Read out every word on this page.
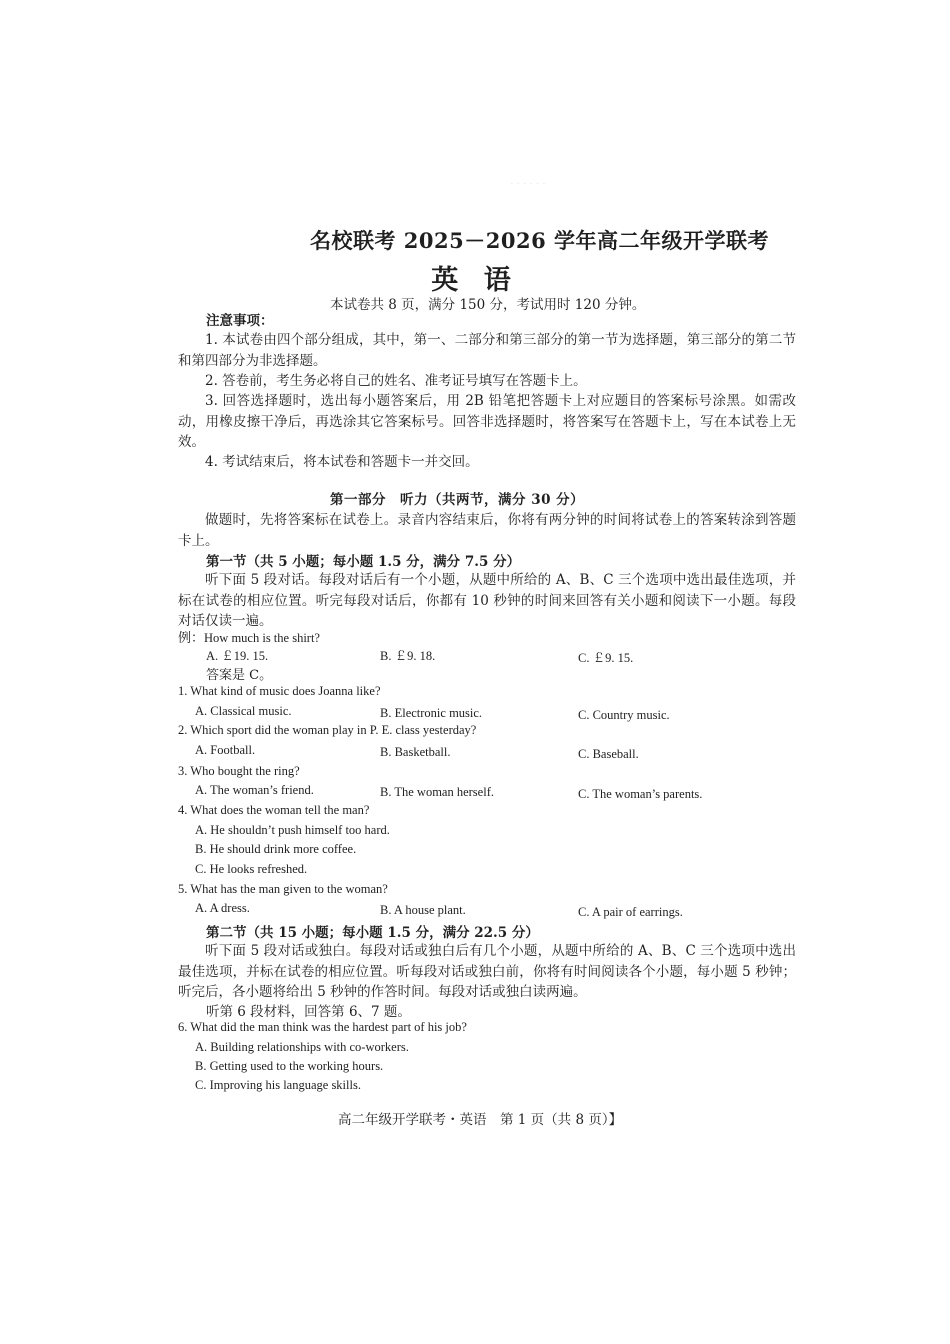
· · · · · ·
名校联考 2025－2026 学年高二年级开学联考
英 语
本试卷共 8 页，满分 150 分，考试用时 120 分钟。
注意事项：
1. 本试卷由四个部分组成，其中，第一、二部分和第三部分的第一节为选择题，第三部分的第二节和第四部分为非选择题。
2. 答卷前，考生务必将自己的姓名、准考证号填写在答题卡上。
3. 回答选择题时，选出每小题答案后，用 2B 铅笔把答题卡上对应题目的答案标号涂黑。如需改动，用橡皮擦干净后，再选涂其它答案标号。回答非选择题时，将答案写在答题卡上，写在本试卷上无效。
4. 考试结束后，将本试卷和答题卡一并交回。
第一部分　听力（共两节，满分 30 分）
做题时，先将答案标在试卷上。录音内容结束后，你将有两分钟的时间将试卷上的答案转涂到答题卡上。
第一节（共 5 小题；每小题 1.5 分，满分 7.5 分）
听下面 5 段对话。每段对话后有一个小题，从题中所给的 A、B、C 三个选项中选出最佳选项，并标在试卷的相应位置。听完每段对话后，你都有 10 秒钟的时间来回答有关小题和阅读下一小题。每段对话仅读一遍。
例：How much is the shirt?
A. ￡19. 15.	B. ￡9. 18.	C. ￡9. 15.
答案是 C。
1. What kind of music does Joanna like?
A. Classical music.	B. Electronic music.	C. Country music.
2. Which sport did the woman play in P. E. class yesterday?
A. Football.	B. Basketball.	C. Baseball.
3. Who bought the ring?
A. The woman’s friend.	B. The woman herself.	C. The woman’s parents.
4. What does the woman tell the man?
A. He shouldn’t push himself too hard.
B. He should drink more coffee.
C. He looks refreshed.
5. What has the man given to the woman?
A. A dress.	B. A house plant.	C. A pair of earrings.
第二节（共 15 小题；每小题 1.5 分，满分 22.5 分）
听下面 5 段对话或独白。每段对话或独白后有几个小题，从题中所给的 A、B、C 三个选项中选出最佳选项，并标在试卷的相应位置。听每段对话或独白前，你将有时间阅读各个小题，每小题 5 秒钟；听完后，各小题将给出 5 秒钟的作答时间。每段对话或独白读两遍。
听第 6 段材料，回答第 6、7 题。
6. What did the man think was the hardest part of his job?
A. Building relationships with co-workers.
B. Getting used to the working hours.
C. Improving his language skills.
高二年级开学联考・英语　第 1 页（共 8 页）】
